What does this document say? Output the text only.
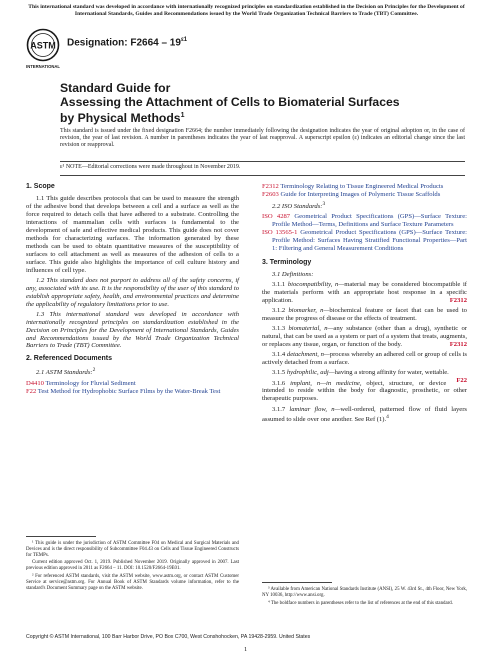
This international standard was developed in accordance with internationally recognized principles on standardization established in the Decision on Principles for the Development of International Standards, Guides and Recommendations issued by the World Trade Organization Technical Barriers to Trade (TBT) Committee.
ASTM
INTERNATIONAL
Designation: $F2664 - 19^{\varepsilon 1}$
Standard Guide for
Assessing the Attachment of Cells to Biomaterial Surfaces
by Physical Methods$^1$
This standard is issued under the fixed designation F2664; the number immediately following the designation indicates the year of original adoption or, in the case of revision, the year of last revision. A number in parentheses indicates the year of last reapproval. A superscript epsilon (ε) indicates an editorial change since the last revision or reapproval.
ε¹ NOTE—Editorial corrections were made throughout in November 2019.

1. Scope

1.1 This guide describes protocols that can be used to measure the strength of the adhesive bond that develops between a cell and a surface as well as the force required to detach cells that have adhered to a substrate. Controlling the interactions of mammalian cells with surfaces is fundamental to the development of safe and effective medical products. This guide does not cover methods for characterizing surfaces. The information generated by these methods can be used to obtain quantitative measures of the susceptibility of surfaces to cell attachment as well as measures of the adhesion of cells to a surface. This guide also highlights the importance of cell culture history and influences of cell type.

1.2 This standard does not purport to address all of the safety concerns, if any, associated with its use. It is the responsibility of the user of this standard to establish appropriate safety, health, and environmental practices and determine the applicability of regulatory limitations prior to use.

1.3 This international standard was developed in accordance with internationally recognized principles on standardization established in the Decision on Principles for the Development of International Standards, Guides and Recommendations issued by the World Trade Organization Technical Barriers to Trade (TBT) Committee.

2. Referenced Documents

2.1 ASTM Standards:$^2$

D4410 Terminology for Fluvial Sediment
F22 Test Method for Hydrophobic Surface Films by the Water-Break Test

¹ This guide is under the jurisdiction of ASTM Committee F04 on Medical and Surgical Materials and Devices and is the direct responsibility of Subcommittee F04.43 on Cells and Tissue Engineered Constructs for TEMPs.

Current edition approved Oct. 1, 2019. Published November 2019. Originally approved in 2007. Last previous edition approved in 2011 as F2664 – 11. DOI: 10.1520/F2664-19E01.

² For referenced ASTM standards, visit the ASTM website, www.astm.org, or contact ASTM Customer Service at service@astm.org. For Annual Book of ASTM Standards volume information, refer to the standard's Document Summary page on the ASTM website.

F2312 Terminology Relating to Tissue Engineered Medical Products
F2603 Guide for Interpreting Images of Polymeric Tissue Scaffolds

2.2 ISO Standards:$^3$

ISO 4287 Geometrical Product Specifications (GPS)—Surface Texture: Profile Method—Terms, Definitions and Surface Texture Parameters
ISO 13565-1 Geometrical Product Specifications (GPS)—Surface Texture: Profile Method: Surfaces Having Stratified Functional Properties—Part 1: Filtering and General Measurement Conditions

3. Terminology

3.1 Definitions:

3.1.1 biocompatibility, n—material may be considered biocompatible if the materials perform with an appropriate host response in a specific application.	F2312

3.1.2 biomarker, n—biochemical feature or facet that can be used to measure the progress of disease or the effects of treatment.

3.1.3 biomaterial, n—any substance (other than a drug), synthetic or natural, that can be used as a system or part of a system that treats, augments, or replaces any tissue, organ, or function of the body.	F2312

3.1.4 detachment, n—process whereby an adhered cell or group of cells is actively detached from a surface.

3.1.5 hydrophilic, adj—having a strong affinity for water, wettable.
F22

3.1.6 implant, n—in medicine, object, structure, or device intended to reside within the body for diagnostic, prosthetic, or other therapeutic purposes.

3.1.7 laminar flow, n—well-ordered, patterned flow of fluid layers assumed to slide over one another. See Ref (1).$^4$

³ Available from American National Standards Institute (ANSI), 25 W. 43rd St., 4th Floor, New York, NY 10036, http://www.ansi.org.

⁴ The boldface numbers in parentheses refer to the list of references at the end of this standard.

Copyright © ASTM International, 100 Barr Harbor Drive, PO Box C700, West Conshohocken, PA 19428-2959. United States
1
